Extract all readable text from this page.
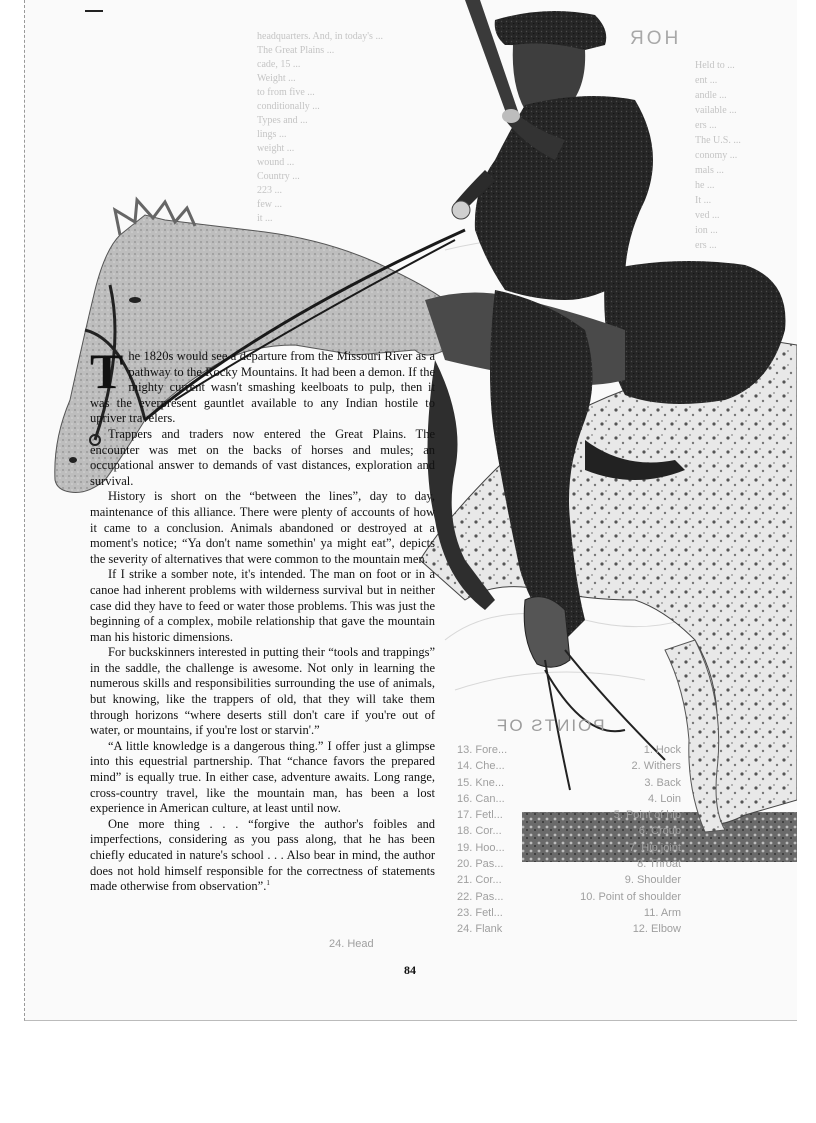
headquarters. And, in today's ...
The Great Plains ...
cade, 15 ...
Weight ...
to from five ...
conditionally ...
Types and ...
lings ...
weight ...
wound ...
Country ...
223 ...
few ...
it ...
HOR
Held to ...
ent ...
andle ...
vailable ...
ers ...
The U.S. ...
conomy ...
mals ...
he ...
It ...
ved ...
ion ...
ers ...
POINTS OF
1. Hock
2. Withers
3. Back
4. Loin
5. Point of hip
6. Croup
7. Hip joint
8. Throat
9. Shoulder
10. Point of shoulder
11. Arm
12. Elbow
13. Fore...
14. Che...
15. Kne...
16. Can...
17. Fetl...
18. Cor...
19. Hoo...
20. Pas...
21. Cor...
22. Pas...
23. Fetl...
24. Flank
24. Head

The 1820s would see a departure from the Missouri River as a pathway to the Rocky Mountains. It had been a demon. If the mighty current wasn't smashing keelboats to pulp, then it was the everpresent gauntlet available to any Indian hostile to upriver travelers.

Trappers and traders now entered the Great Plains. The encounter was met on the backs of horses and mules; an occupational answer to demands of vast distances, exploration and survival.

History is short on the “between the lines”, day to day, maintenance of this alliance. There were plenty of accounts of how it came to a conclusion. Animals abandoned or destroyed at a moment's notice; “Ya don't name somethin' ya might eat”, depicts the severity of alternatives that were common to the mountain men.

If I strike a somber note, it's intended. The man on foot or in a canoe had inherent problems with wilderness survival but in neither case did they have to feed or water those problems. This was just the beginning of a complex, mobile relationship that gave the mountain man his historic dimensions.

For buckskinners interested in putting their “tools and trappings” in the saddle, the challenge is awesome. Not only in learning the numerous skills and responsibilities surrounding the use of animals, but knowing, like the trappers of old, that they will take them through horizons “where deserts still don't care if you're out of water, or mountains, if you're lost or starvin'.”

“A little knowledge is a dangerous thing.” I offer just a glimpse into this equestrial partnership. That “chance favors the prepared mind” is equally true. In either case, adventure awaits. Long range, cross-country travel, like the mountain man, has been a lost experience in American culture, at least until now.

One more thing . . . “forgive the author's foibles and imperfections, considering as you pass along, that he has been chiefly educated in nature's school . . . Also bear in mind, the author does not hold himself responsible for the correctness of statements made otherwise from observation”.$^1$

84
